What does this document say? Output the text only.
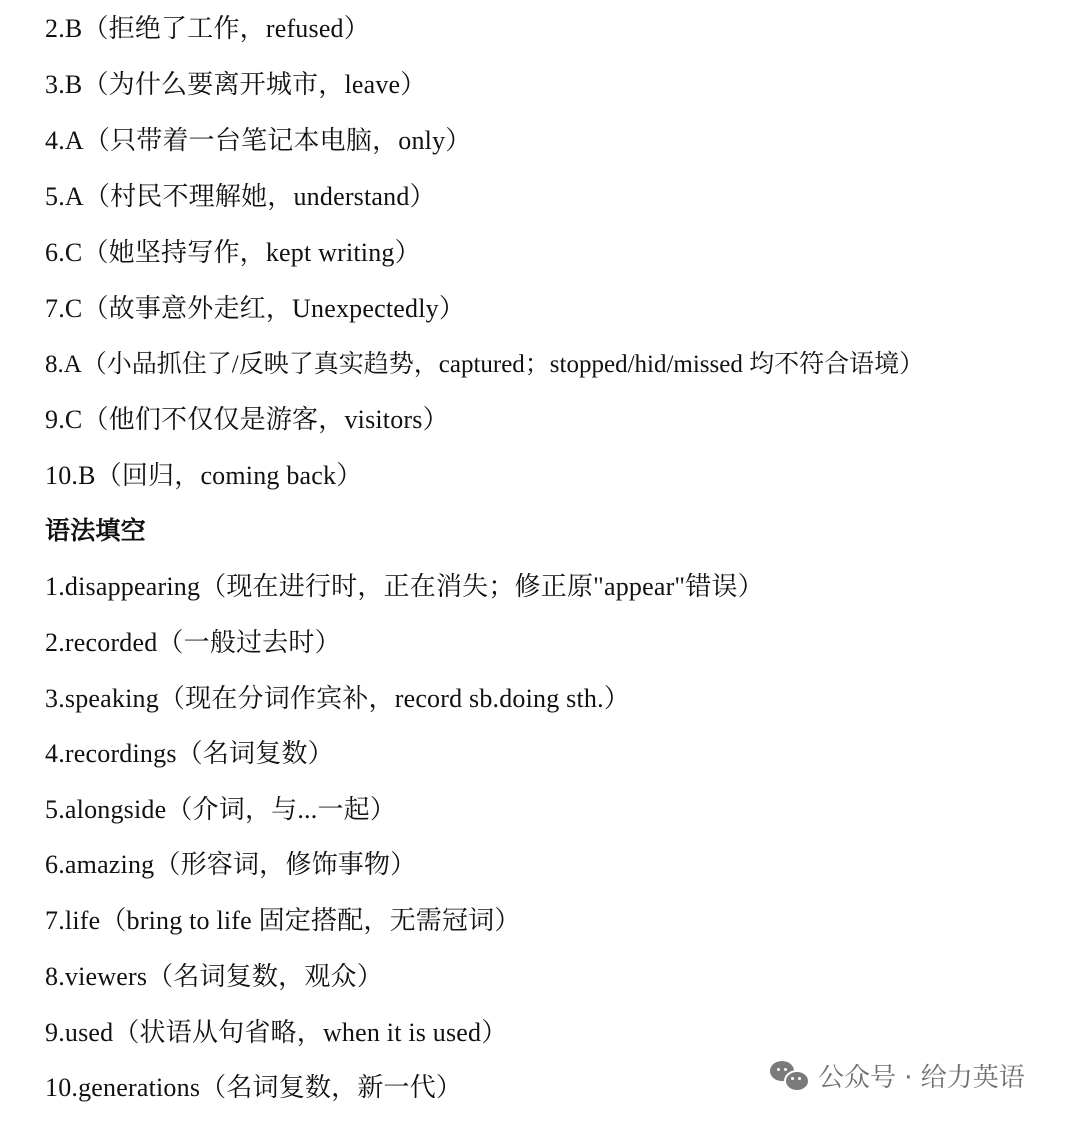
2.B（拒绝了工作，refused）
3.B（为什么要离开城市，leave）
4.A（只带着一台笔记本电脑，only）
5.A（村民不理解她，understand）
6.C（她坚持写作，kept writing）
7.C（故事意外走红，Unexpectedly）
8.A（小品抓住了/反映了真实趋势，captured；stopped/hid/missed 均不符合语境）
9.C（他们不仅仅是游客，visitors）
10.B（回归，coming back）
语法填空
1.disappearing（现在进行时，正在消失；修正原"appear"错误）
2.recorded（一般过去时）
3.speaking（现在分词作宾补，record sb.doing sth.）
4.recordings（名词复数）
5.alongside（介词，与...一起）
6.amazing（形容词，修饰事物）
7.life（bring to life 固定搭配，无需冠词）
8.viewers（名词复数，观众）
9.used（状语从句省略，when it is used）
10.generations（名词复数，新一代）	公众号 · 给力英语
